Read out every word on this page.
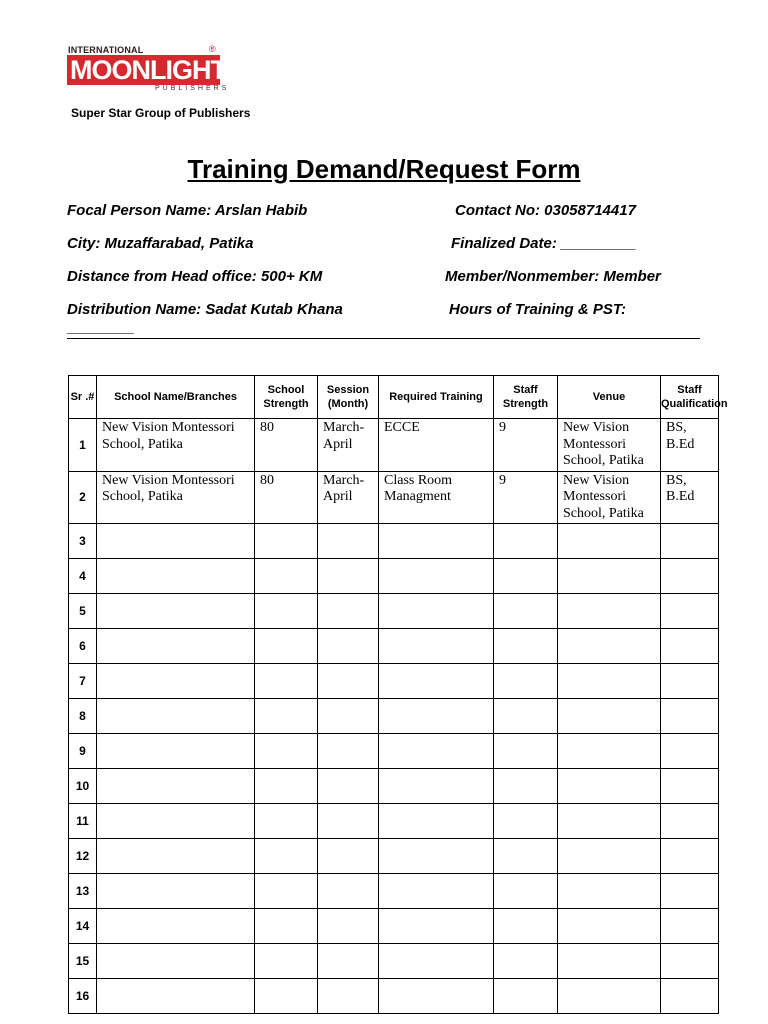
INTERNATIONAL	®
MOONLIGHT
PUBLISHERS
Super Star Group of Publishers
Training Demand/Request Form
Focal Person Name: Arslan Habib	Contact No: 03058714417
City: Muzaffarabad, Patika	Finalized Date: _________
Distance from Head office: 500+ KM	Member/Nonmember: Member
Distribution Name: Sadat Kutab Khana	Hours of Training & PST:
________
Sr .#	School Name/Branches	School Strength	Session (Month)	Required Training	Staff Strength	Venue	Staff Qualification
1	New Vision Montessori School, Patika	80	March-April	ECCE	9	New Vision Montessori School, Patika	BS, B.Ed
2	New Vision Montessori School, Patika	80	March-April	Class Room Managment	9	New Vision Montessori School, Patika	BS, B.Ed
3							
4							
5							
6							
7							
8							
9							
10							
11							
12							
13							
14							
15							
16							
